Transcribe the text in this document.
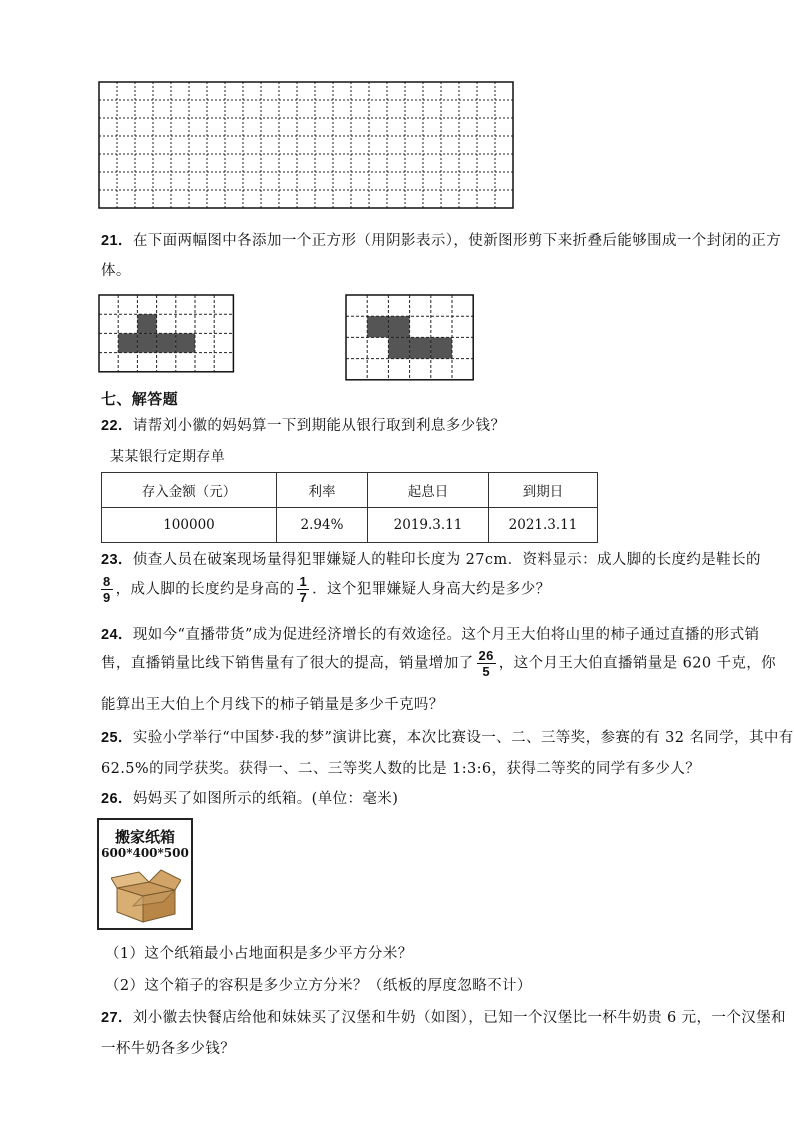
21．在下面两幅图中各添加一个正方形（用阴影表示），使新图形剪下来折叠后能够围成一个封闭的正方
体。
七、解答题
22．请帮刘小徽的妈妈算一下到期能从银行取到利息多少钱？
某某银行定期存单
存入金额（元）	利率	起息日	到期日
100000	2.94%	2019.3.11	2021.3.11
23．侦查人员在破案现场量得犯罪嫌疑人的鞋印长度为 27cm．资料显示：成人脚的长度约是鞋长的
$\frac{8}{9}$ ，成人脚的长度约是身高的 $\frac{1}{7}$ ．这个犯罪嫌疑人身高大约是多少？
24．现如今“直播带货”成为促进经济增长的有效途径。这个月王大伯将山里的柿子通过直播的形式销
售，直播销量比线下销售量有了很大的提高，销量增加了 $\frac{26}{5}$ ，这个月王大伯直播销量是 620 千克，你
能算出王大伯上个月线下的柿子销量是多少千克吗？
25．实验小学举行“中国梦·我的梦”演讲比赛，本次比赛设一、二、三等奖，参赛的有 32 名同学，其中有
62.5%的同学获奖。获得一、二、三等奖人数的比是 1:3:6，获得二等奖的同学有多少人？
26．妈妈买了如图所示的纸箱。(单位：毫米)
搬家纸箱
600*400*500
（1）这个纸箱最小占地面积是多少平方分米？
（2）这个箱子的容积是多少立方分米？（纸板的厚度忽略不计）
27．刘小徽去快餐店给他和妹妹买了汉堡和牛奶（如图），已知一个汉堡比一杯牛奶贵 6 元，一个汉堡和
一杯牛奶各多少钱？
